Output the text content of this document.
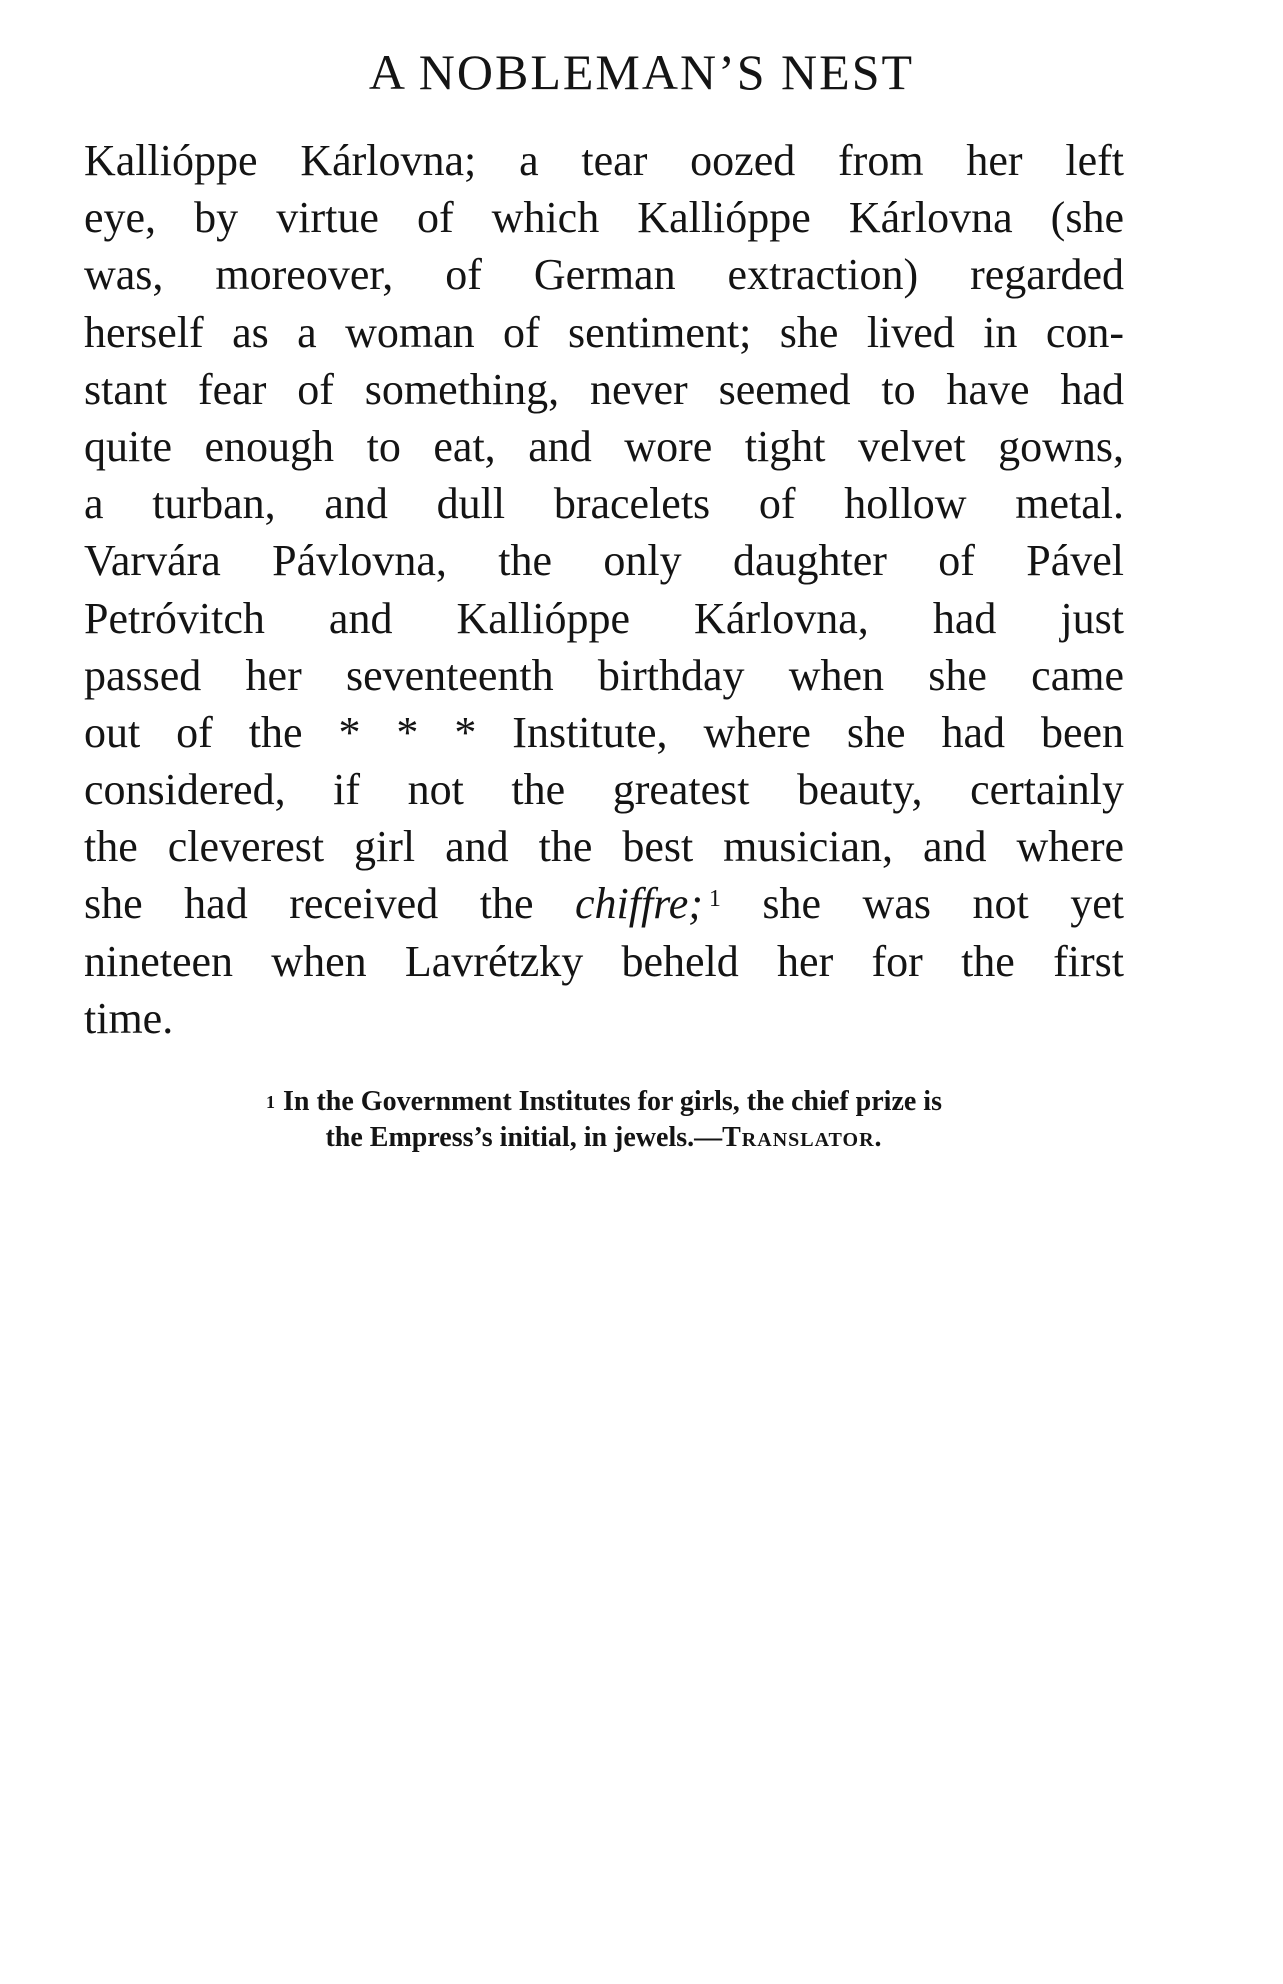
A NOBLEMAN’S NEST
Kallióppe Kárlovna; a tear oozed from her left
eye, by virtue of which Kallióppe Kárlovna (she
was, moreover, of German extraction) regarded
herself as a woman of sentiment; she lived in con-
stant fear of something, never seemed to have had
quite enough to eat, and wore tight velvet gowns,
a turban, and dull bracelets of hollow metal.
Varvára Pávlovna, the only daughter of Pável
Petróvitch and Kallióppe Kárlovna, had just
passed her seventeenth birthday when she came
out of the * * * Institute, where she had been
considered, if not the greatest beauty, certainly
the cleverest girl and the best musician, and where
she had received the chiffre; $^1$ she was not yet
nineteen when Lavrétzky beheld her for the first
time.
$^1$ In the Government Institutes for girls, the chief prize is
the Empress’s initial, in jewels.—Translator.
